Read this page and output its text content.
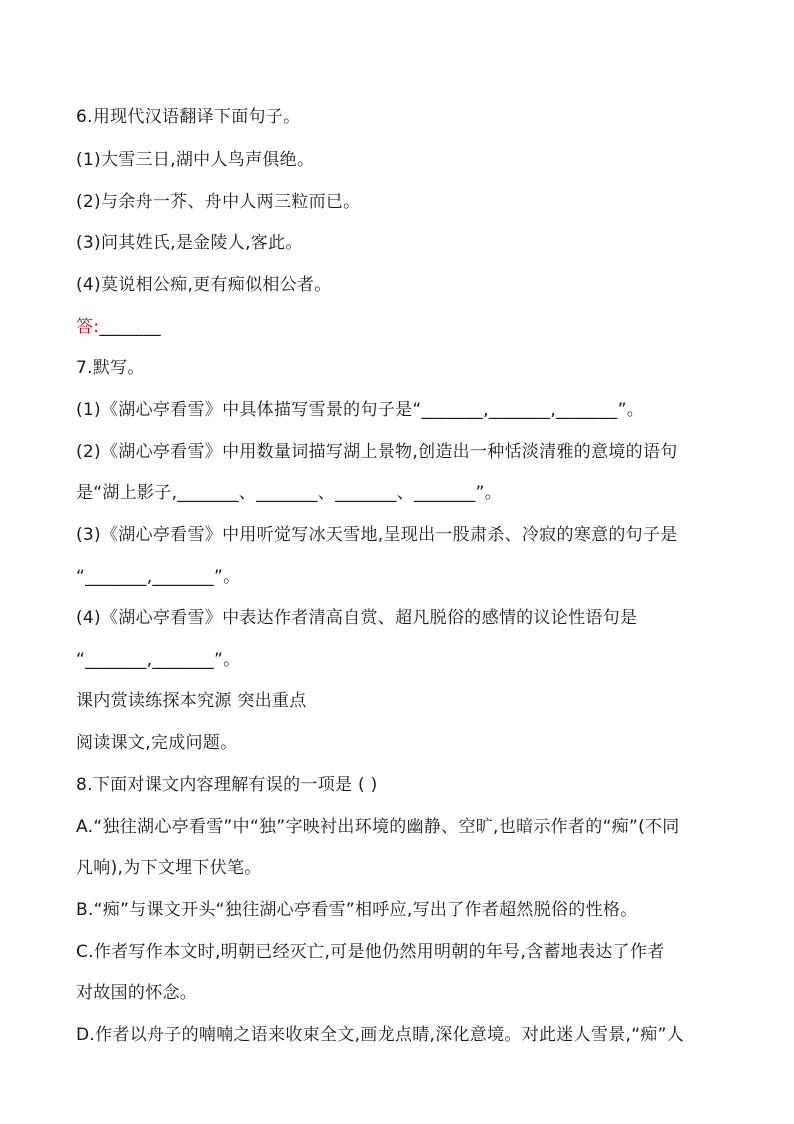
6.用现代汉语翻译下面句子。

(1)大雪三日,湖中人鸟声俱绝。

(2)与余舟一芥、舟中人两三粒而已。

(3)问其姓氏,是金陵人,客此。

(4)莫说相公痴,更有痴似相公者。

答:_______

7.默写。

(1)《湖心亭看雪》中具体描写雪景的句子是“_______,_______,_______”。

(2)《湖心亭看雪》中用数量词描写湖上景物,创造出一种恬淡清雅的意境的语句

是“湖上影子,_______、_______、_______、_______”。

(3)《湖心亭看雪》中用听觉写冰天雪地,呈现出一股肃杀、冷寂的寒意的句子是

“_______,_______”。

(4)《湖心亭看雪》中表达作者清高自赏、超凡脱俗的感情的议论性语句是

“_______,_______”。

课内赏读练探本究源 突出重点

阅读课文,完成问题。

8.下面对课文内容理解有误的一项是 ( )

A.“独往湖心亭看雪”中“独”字映衬出环境的幽静、空旷,也暗示作者的“痴”(不同

凡响),为下文埋下伏笔。

B.“痴”与课文开头“独往湖心亭看雪”相呼应,写出了作者超然脱俗的性格。

C.作者写作本文时,明朝已经灭亡,可是他仍然用明朝的年号,含蓄地表达了作者

对故国的怀念。

D.作者以舟子的喃喃之语来收束全文,画龙点睛,深化意境。对此迷人雪景,“痴”人
